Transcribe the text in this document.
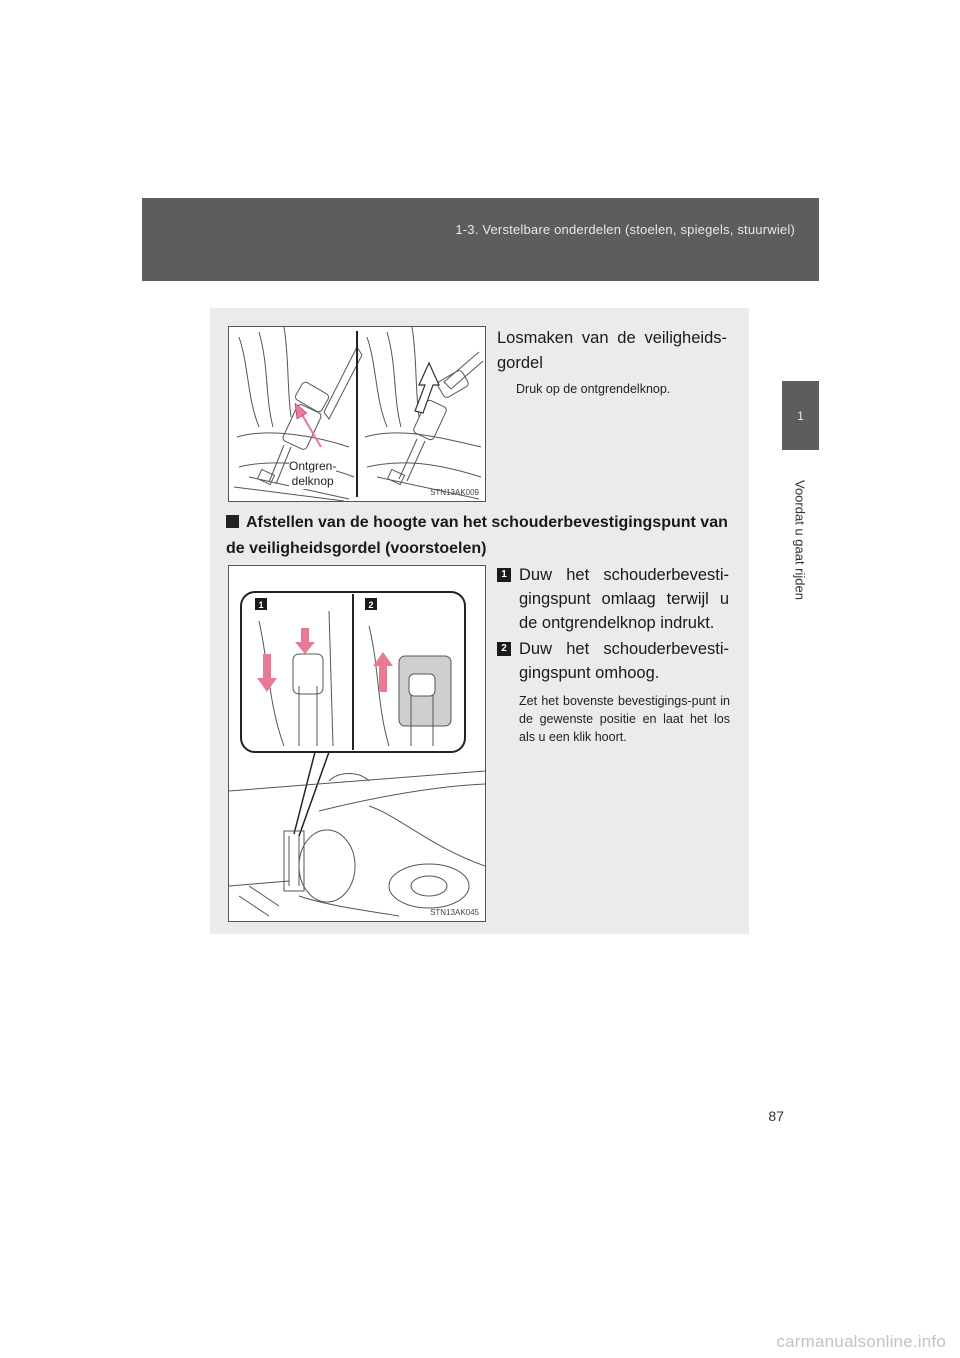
1-3. Verstelbare onderdelen (stoelen, spiegels, stuurwiel)
1
Voordat u gaat rijden
Ontgren-
delknop
STN13AK009
Losmaken van de veiligheids-gordel
Druk op de ontgrendelknop.
Afstellen van de hoogte van het schouderbevestigingspunt van de veiligheidsgordel (voorstoelen)
1	2
STN13AK045
1 Duw het schouderbevesti-gingspunt omlaag terwijl u de ontgrendelknop indrukt.
2 Duw het schouderbevesti-gingspunt omhoog.
Zet het bovenste bevestigings-punt in de gewenste positie en laat het los als u een klik hoort.
87
carmanualsonline.info
